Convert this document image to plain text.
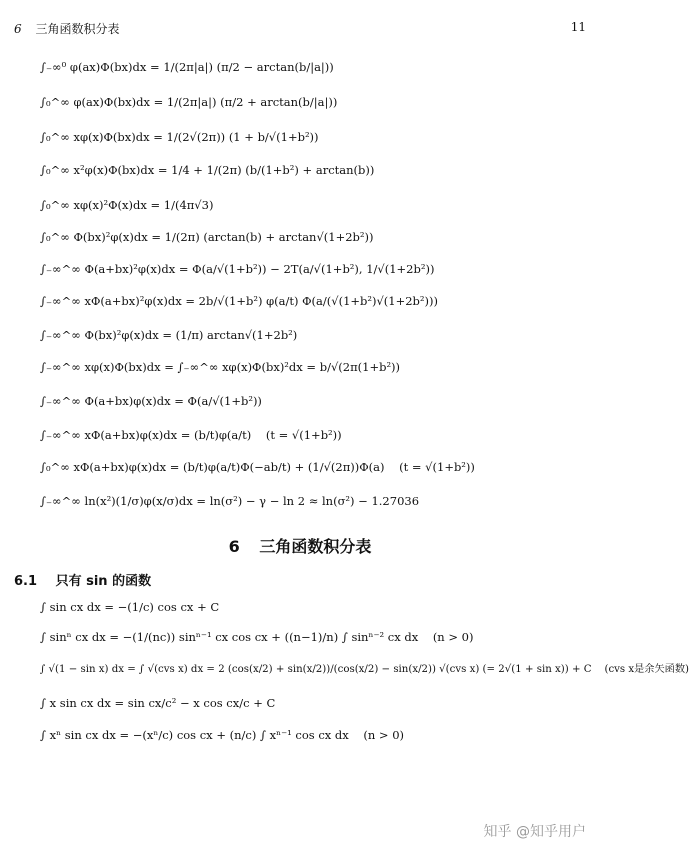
6 三角函数积分表	11
∫₋∞⁰ φ(ax)Φ(bx)dx = 1/(2π|a|) (π/2 − arctan(b/|a|))
∫₀^∞ φ(ax)Φ(bx)dx = 1/(2π|a|) (π/2 + arctan(b/|a|))
∫₀^∞ xφ(x)Φ(bx)dx = 1/(2√(2π)) (1 + b/√(1+b²))
∫₀^∞ x²φ(x)Φ(bx)dx = 1/4 + 1/(2π) (b/(1+b²) + arctan(b))
∫₀^∞ xφ(x)²Φ(x)dx = 1/(4π√3)
∫₀^∞ Φ(bx)²φ(x)dx = 1/(2π) (arctan(b) + arctan√(1+2b²))
∫₋∞^∞ Φ(a+bx)²φ(x)dx = Φ(a/√(1+b²)) − 2T(a/√(1+b²), 1/√(1+2b²))
∫₋∞^∞ xΦ(a+bx)²φ(x)dx = 2b/√(1+b²) φ(a/t) Φ(a/(√(1+b²)√(1+2b²)))
∫₋∞^∞ Φ(bx)²φ(x)dx = (1/π) arctan√(1+2b²)
∫₋∞^∞ xφ(x)Φ(bx)dx = ∫₋∞^∞ xφ(x)Φ(bx)²dx = b/√(2π(1+b²))
∫₋∞^∞ Φ(a+bx)φ(x)dx = Φ(a/√(1+b²))
∫₋∞^∞ xΦ(a+bx)φ(x)dx = (b/t)φ(a/t)    (t = √(1+b²))
∫₀^∞ xΦ(a+bx)φ(x)dx = (b/t)φ(a/t)Φ(−ab/t) + (1/√(2π))Φ(a)    (t = √(1+b²))
∫₋∞^∞ ln(x²)(1/σ)φ(x/σ)dx = ln(σ²) − γ − ln 2 ≈ ln(σ²) − 1.27036
6 三角函数积分表
6.1 只有 sin 的函数
∫ sin cx dx = −(1/c) cos cx + C
∫ sinⁿ cx dx = −(1/(nc)) sinⁿ⁻¹ cx cos cx + ((n−1)/n) ∫ sinⁿ⁻² cx dx    (n > 0)
∫ √(1 − sin x) dx = ∫ √(cvs x) dx = 2 (cos(x/2) + sin(x/2))/(cos(x/2) − sin(x/2)) √(cvs x) (= 2√(1 + sin x)) + C    (cvs x是余矢函数)
∫ x sin cx dx = sin cx/c² − x cos cx/c + C
∫ xⁿ sin cx dx = −(xⁿ/c) cos cx + (n/c) ∫ xⁿ⁻¹ cos cx dx    (n > 0)
知乎 @知乎用户
